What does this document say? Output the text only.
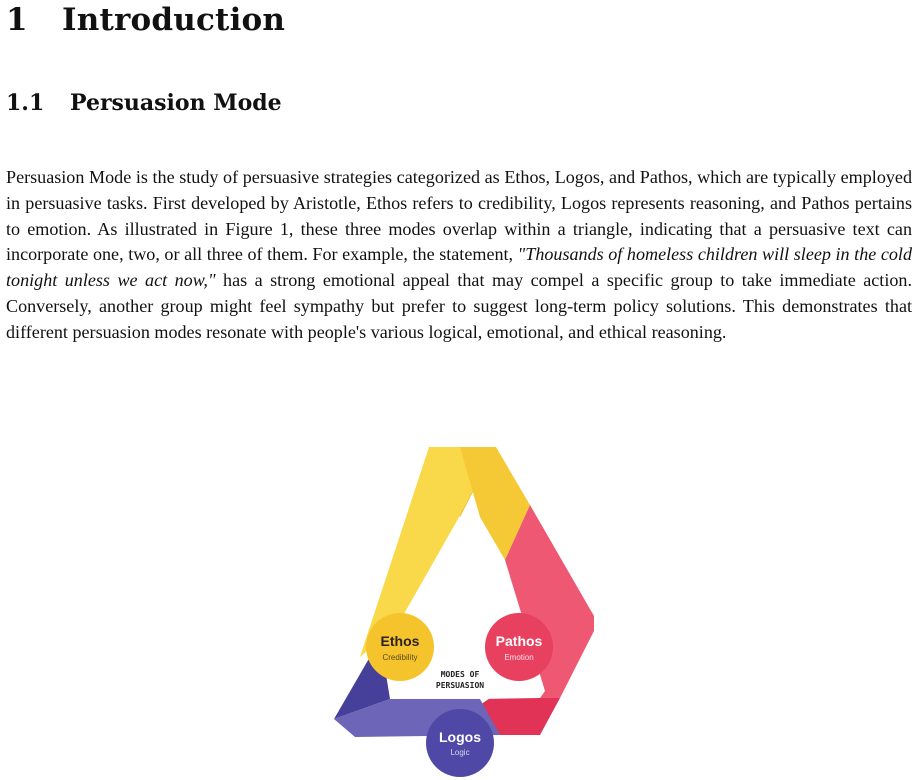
1 Introduction
1.1 Persuasion Mode

Persuasion Mode is the study of persuasive strategies categorized as Ethos, Logos, and Pathos, which are typically employed in persuasive tasks. First developed by Aristotle, Ethos refers to credibility, Logos represents reasoning, and Pathos pertains to emotion. As illustrated in Figure 1, these three modes overlap within a triangle, indicating that a persuasive text can incorporate one, two, or all three of them. For example, the statement, "Thousands of homeless children will sleep in the cold tonight unless we act now," has a strong emotional appeal that may compel a specific group to take immediate action. Conversely, another group might feel sympathy but prefer to suggest long-term policy solutions. This demonstrates that different persuasion modes resonate with people's various logical, emotional, and ethical reasoning.

Ethos
Credibility
Pathos
Emotion
Logos
Logic
MODES OF
PERSUASION
